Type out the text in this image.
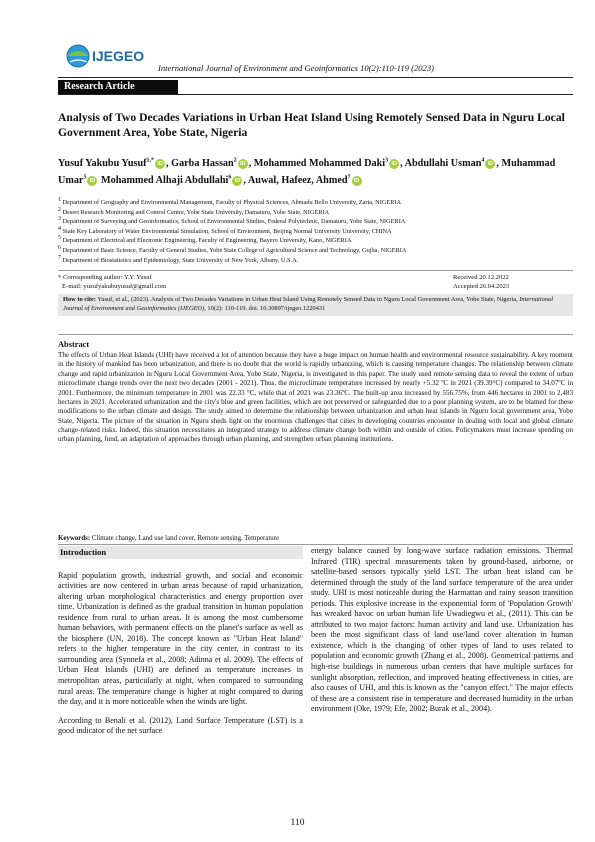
IJEGEO
International Journal of Environment and Geoinformatics 10(2):110-119 (2023)
Research Article
Analysis of Two Decades Variations in Urban Heat Island Using Remotely Sensed Data in Nguru Local Government Area, Yobe State, Nigeria
Yusuf Yakubu Yusuf$^{1,*}$iD , Garba Hassan$^2$iD , Mohammed Mohammed Daki$^3$iD , Abdullahi Usman$^4$iD , Muhammad Umar$^5$iD Mohammed Alhaji Abdullahi$^6$iD , Auwal, Hafeez, Ahmed$^7$iD
$^1$ Department of Geography and Environmental Management, Faculty of Physical Sciences, Ahmadu Bello University, Zaria, NIGERIA
$^2$ Desert Research Monitoring and Control Centre, Yobe State University, Damaturu, Yobe State, NIGERIA
$^3$ Department of Surveying and Geoinformatics, School of Environmental Studies, Federal Polytechnic, Damaturu, Yobe State, NIGERIA
$^4$ State Key Laboratory of Water Environmental Simulation, School of Environment, Beijing Normal University University, CHINA
$^5$ Department of Electrical and Electronic Engineering, Faculty of Engineering, Bayero University, Kano, NIGERIA
$^6$ Department of Basic Science, Faculty of General Studies, Yobe State College of Agricultural Science and Technology, Gujba, NIGERIA
$^7$ Department of Biostatistics and Epidemiology, State University of New York, Albany, U.S.A.
* Corresponding author: Y.Y. Yusuf
E-mail: yusufyakubuyusuf@gmail.com
Received 20.12.2022
Accepted 26.04.2023
How to cite: Yusuf, et al., (2023). Analysis of Two Decades Variations in Urban Heat Island Using Remotely Sensed Data in Nguru Local Government Area, Yobe State, Nigeria, International Journal of Environment and Geoinformatics (IJEGEO), 10(2): 110-119. doi. 10.30897/ijegeo.1220431
Abstract
The effects of Urban Heat Islands (UHI) have received a lot of attention because they have a huge impact on human health and environmental resource sustainability. A key moment in the history of mankind has been urbanization, and there is no doubt that the world is rapidly urbanizing, which is causing temperature changes. The relationship between climate change and rapid urbanization in Nguru Local Government Area, Yobe State, Nigeria, is investigated in this paper. The study used remote sensing data to reveal the extent of urban microclimate change trends over the next two decades (2001 - 2021). Thus, the microclimate temperature increased by nearly +5.32 ºC in 2021 (39.39°C) compared to 34.07ºC in 2001. Furthermore, the minimum temperature in 2001 was 22.33 °C, while that of 2021 was 23.36ºC. The built-up area increased by 556.75%, from 446 hectares in 2001 to 2,483 hectares in 2021. Accelerated urbanization and the city's blue and green facilities, which are not preserved or safeguarded due to a poor planning system, are to be blamed for these modifications to the urban climate and design. The study aimed to determine the relationship between urbanization and urban heat islands in Nguru local government area, Yobe State, Nigeria. The picture of the situation in Nguru sheds light on the enormous challenges that cities in developing countries encounter in dealing with local and global climate change-related risks. Indeed, this situation necessitates an integrated strategy to address climate change both within and outside of cities. Policymakers must increase spending on urban planning, fund, an adaptation of approaches through urban planning, and strengthen urban planning institutions.
Keywords: Climate change, Land use land cover, Remote sensing, Temperature
Introduction

Rapid population growth, industrial growth, and social and economic activities are now centered in urban areas because of rapid urbanization, altering urban morphological characteristics and energy proportion over time. Urbanization is defined as the gradual transition in human population residence from rural to urban areas. It is among the most cumbersome human behaviors, with permanent effects on the planet's surface as well as the biosphere (UN, 2018). The concept known as "Urban Heat Island" refers to the higher temperature in the city center, in contrast to its surrounding area (Synnefa et al., 2008; Adinna et al. 2009). The effects of Urban Heat Islands (UHI) are defined as temperature increases in metropolitan areas, particularly at night, when compared to surrounding rural areas. The temperature change is higher at night compared to during the day, and it is more noticeable when the winds are light.

According to Benali et al. (2012), Land Surface Temperature (LST) is a good indicator of the net surface

energy balance caused by long-wave surface radiation emissions. Thermal Infrared (TIR) spectral measurements taken by ground-based, airborne, or satellite-based sensors typically yield LST. The urban heat island can be determined through the study of the land surface temperature of the area under study. UHI is most noticeable during the Harmattan and rainy season transition periods. This explosive increase in the exponential form of 'Population Growth' has wreaked havoc on urban human life Uwadiegwu et al., (2011). This can be attributed to two major factors: human activity and land use. Urbanization has been the most significant class of land use/land cover alteration in human existence, which is the changing of other types of land to uses related to population and economic growth (Zhang et al., 2008). Geometrical patterns and high-rise buildings in numerous urban centers that have multiple surfaces for sunlight absorption, reflection, and improved heating effectiveness in cities, are also causes of UHI, and this is known as the "canyon effect." The major effects of these are a consistent rise in temperature and decreased humidity in the urban environment (Oke, 1979; Efe, 2002; Burak et al., 2004).

110
